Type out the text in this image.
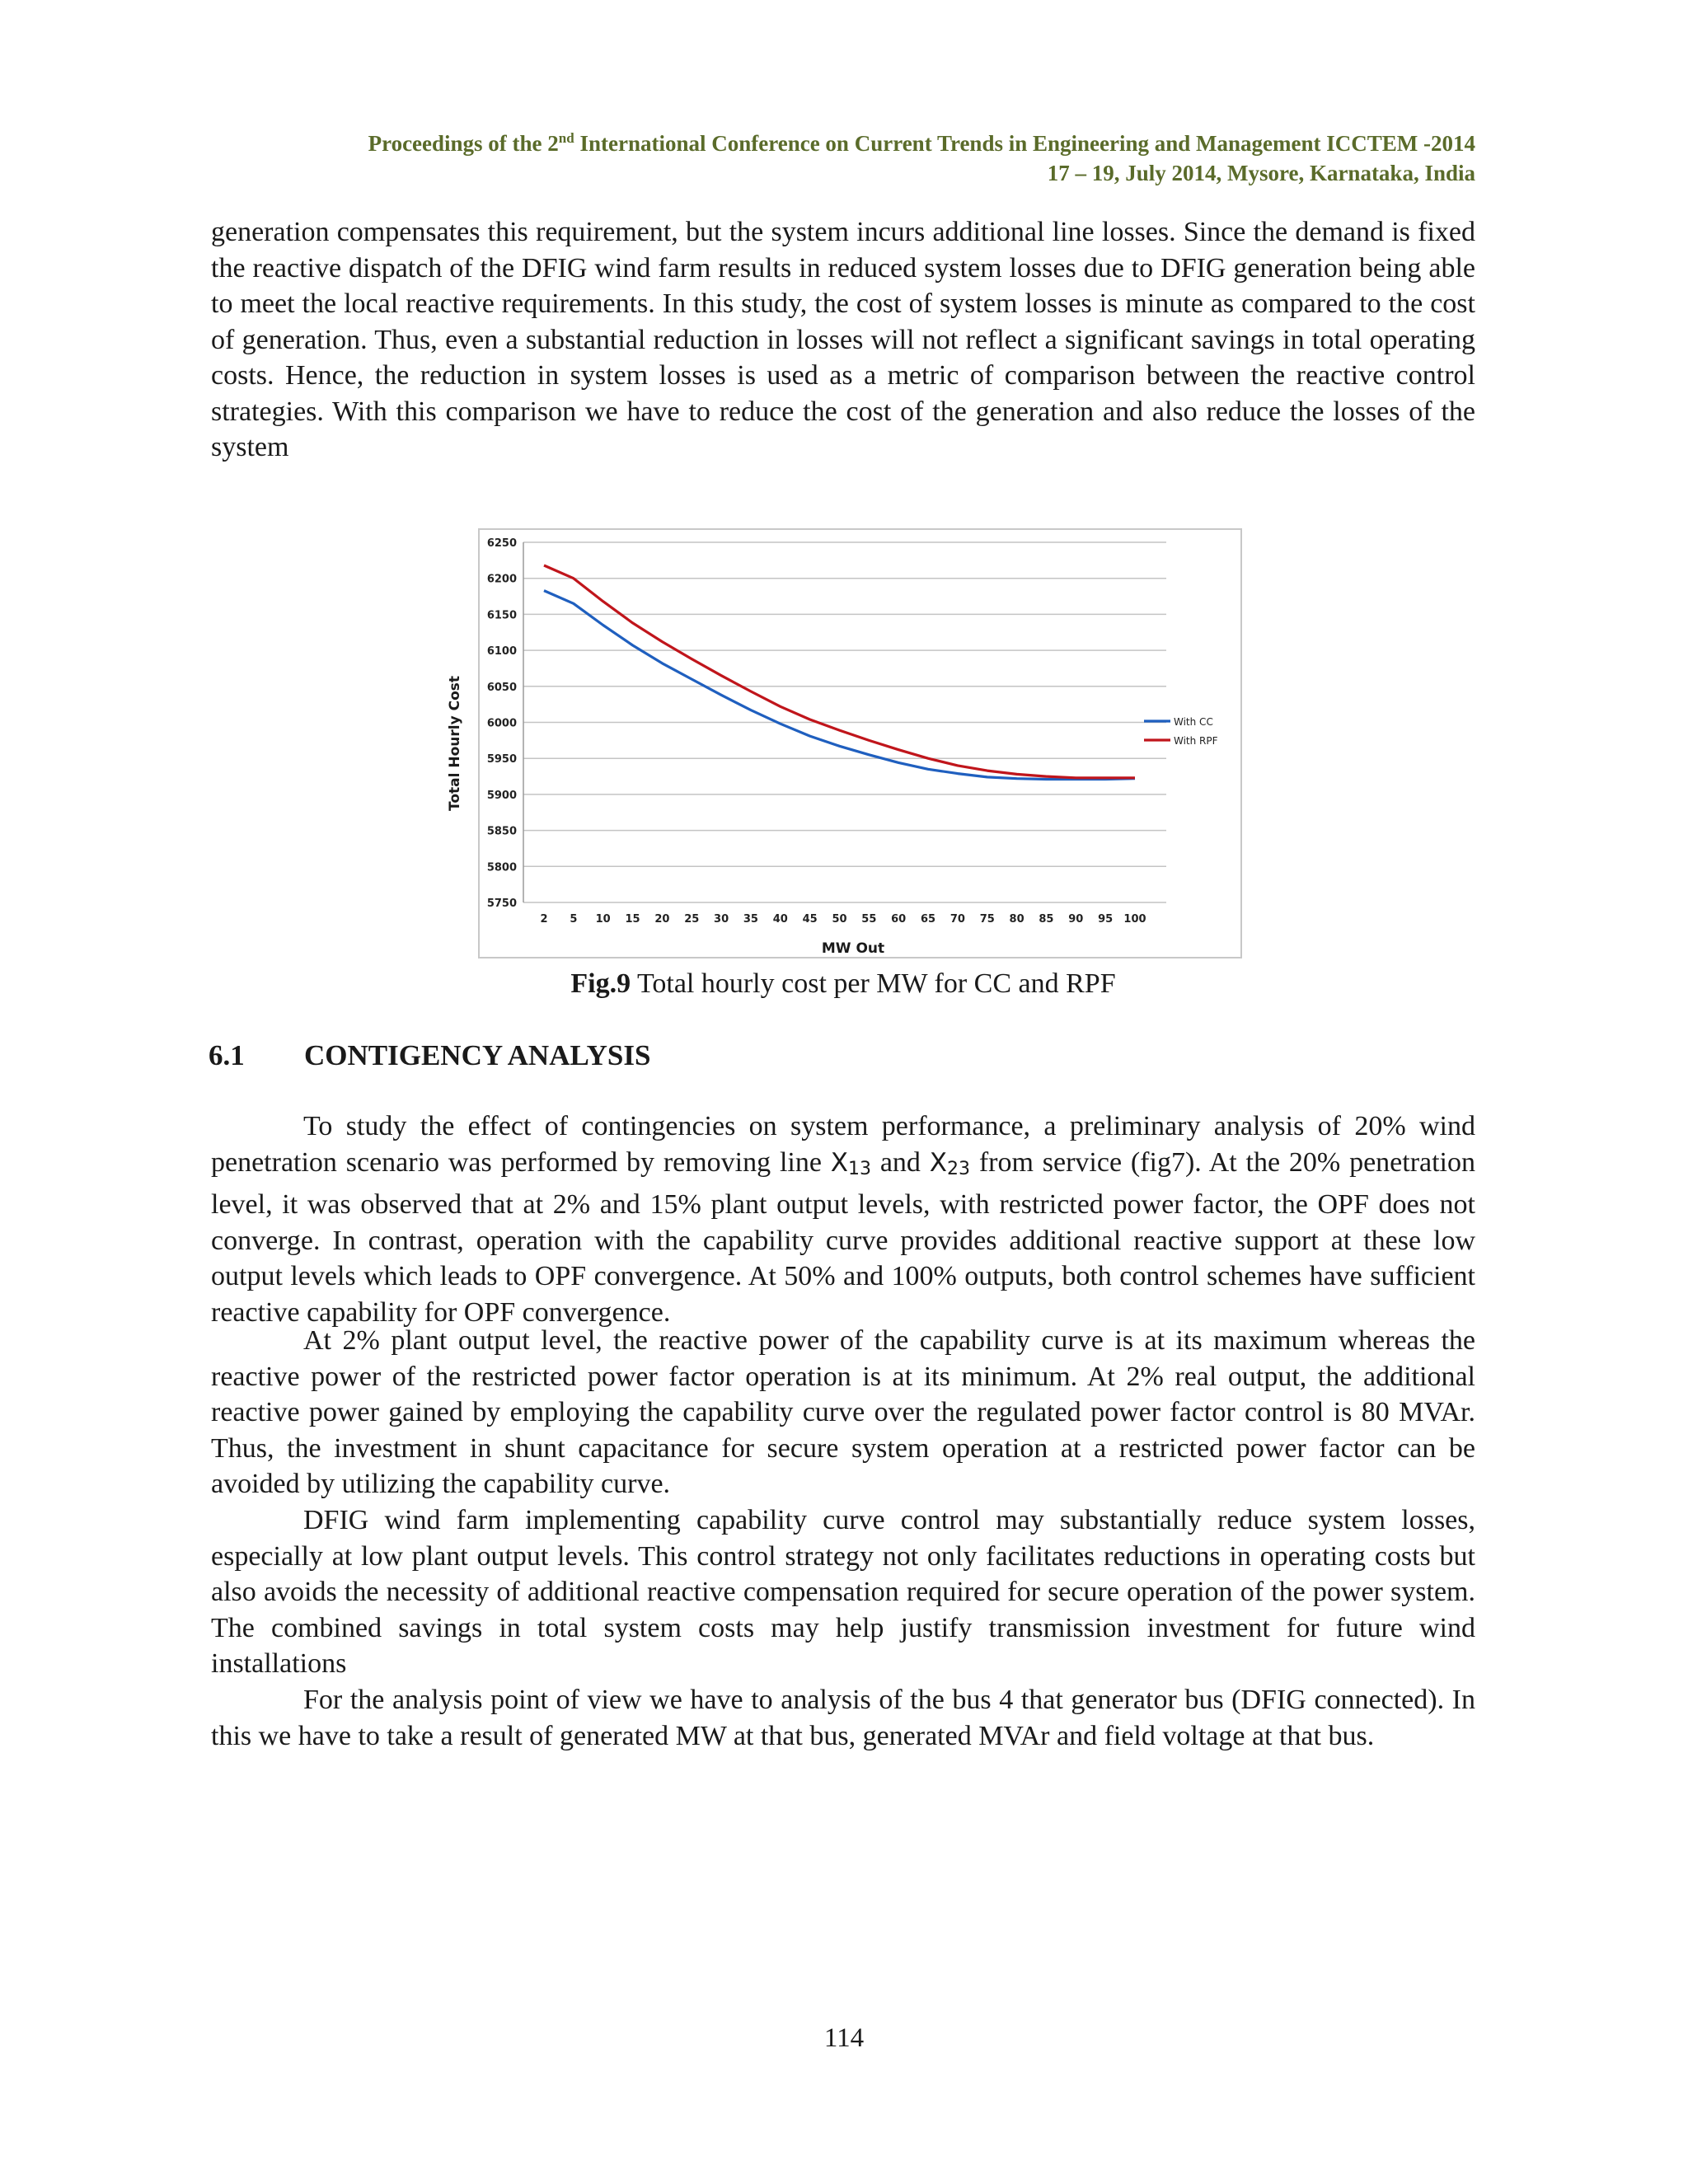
Proceedings of the 2nd International Conference on Current Trends in Engineering and Management ICCTEM -2014
17 – 19, July 2014, Mysore, Karnataka, India

generation compensates this requirement, but the system incurs additional line losses. Since the demand is fixed the reactive dispatch of the DFIG wind farm results in reduced system losses due to DFIG generation being able to meet the local reactive requirements. In this study, the cost of system losses is minute as compared to the cost of generation. Thus, even a substantial reduction in losses will not reflect a significant savings in total operating costs. Hence, the reduction in system losses is used as a metric of comparison between the reactive control strategies. With this comparison we have to reduce the cost of the generation and also reduce the losses of the system

5750
5800
5850
5900
5950
6000
6050
6100
6150
6200
6250
2 5 10 15 20 25 30 35 40 45 50 55 60 65 70 75 80 85 90 95 100
With CC
With RPF
Total Hourly Cost
MW Out
Fig.9 Total hourly cost per MW for CC and RPF
6.1 CONTIGENCY ANALYSIS

To study the effect of contingencies on system performance, a preliminary analysis of 20% wind penetration scenario was performed by removing line X13 and X23 from service (fig7). At the 20% penetration level, it was observed that at 2% and 15% plant output levels, with restricted power factor, the OPF does not converge. In contrast, operation with the capability curve provides additional reactive support at these low output levels which leads to OPF convergence. At 50% and 100% outputs, both control schemes have sufficient reactive capability for OPF convergence.

At 2% plant output level, the reactive power of the capability curve is at its maximum whereas the reactive power of the restricted power factor operation is at its minimum. At 2% real output, the additional reactive power gained by employing the capability curve over the regulated power factor control is 80 MVAr. Thus, the investment in shunt capacitance for secure system operation at a restricted power factor can be avoided by utilizing the capability curve.

DFIG wind farm implementing capability curve control may substantially reduce system losses, especially at low plant output levels. This control strategy not only facilitates reductions in operating costs but also avoids the necessity of additional reactive compensation required for secure operation of the power system. The combined savings in total system costs may help justify transmission investment for future wind installations

For the analysis point of view we have to analysis of the bus 4 that generator bus (DFIG connected). In this we have to take a result of generated MW at that bus, generated MVAr and field voltage at that bus.

114
